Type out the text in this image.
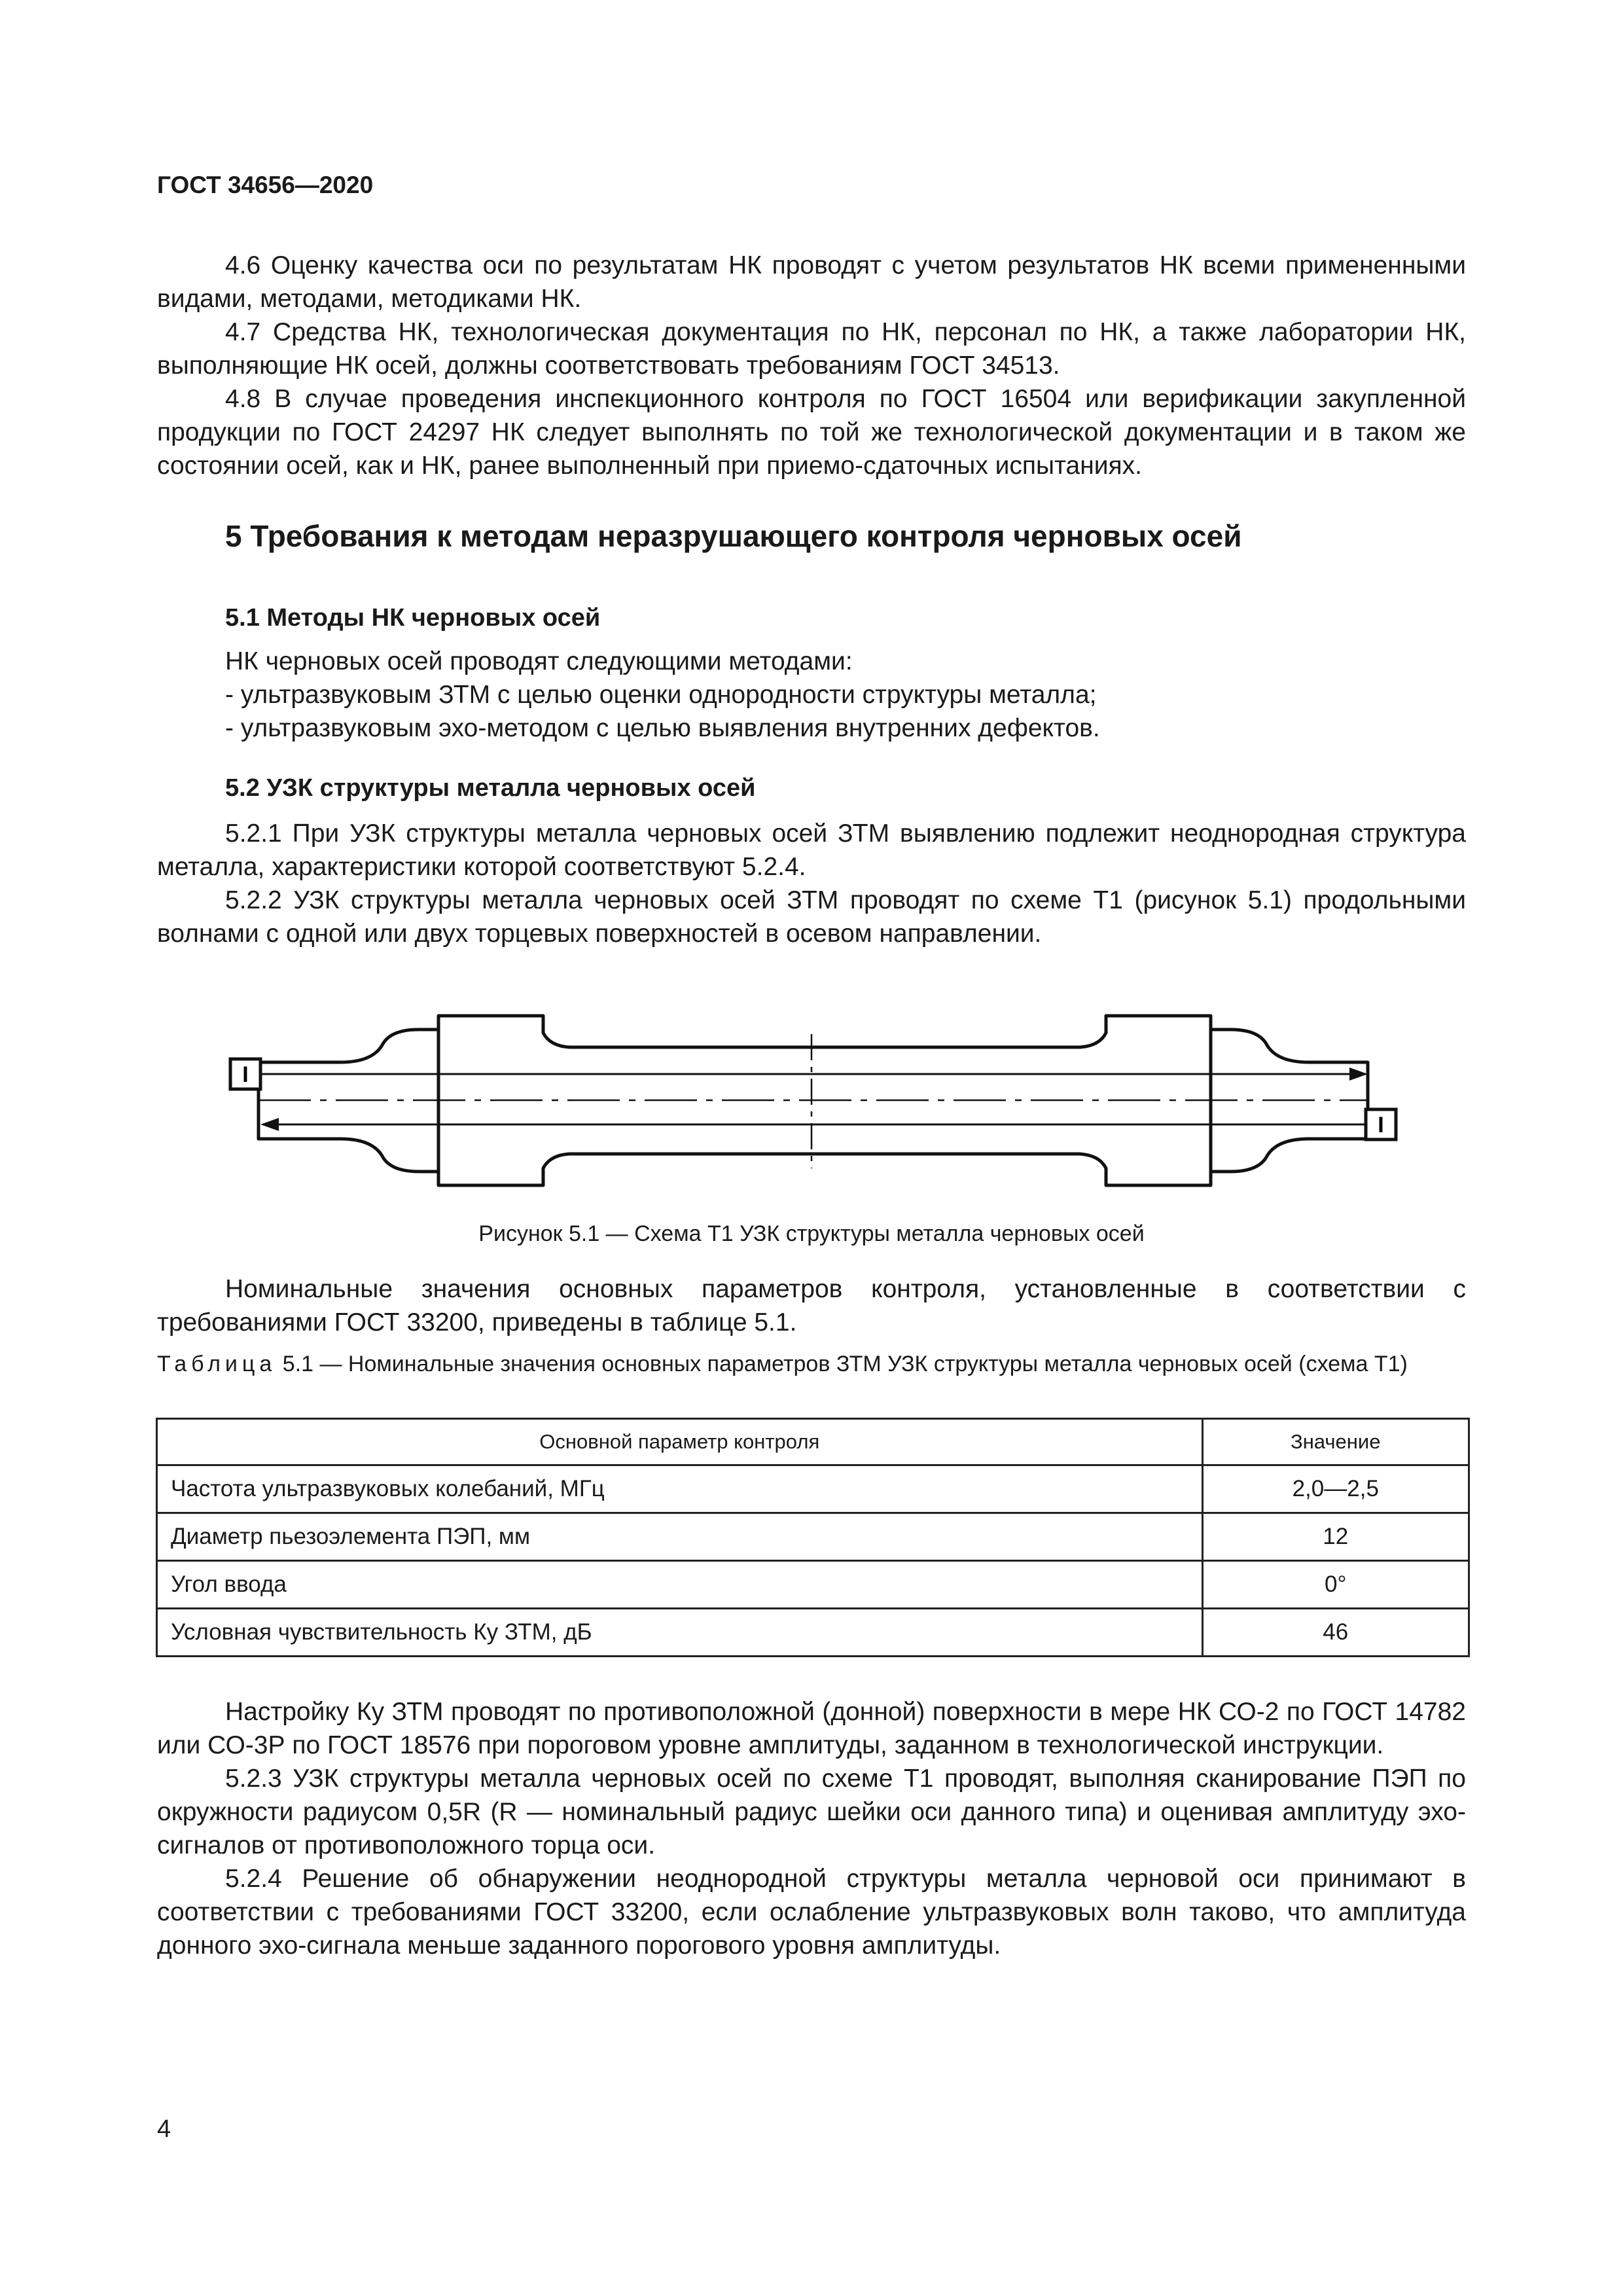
ГОСТ 34656—2020

4.6 Оценку качества оси по результатам НК проводят с учетом результатов НК всеми примененными видами, методами, методиками НК.

4.7 Средства НК, технологическая документация по НК, персонал по НК, а также лаборатории НК, выполняющие НК осей, должны соответствовать требованиям ГОСТ 34513.

4.8 В случае проведения инспекционного контроля по ГОСТ 16504 или верификации закупленной продукции по ГОСТ 24297 НК следует выполнять по той же технологической документации и в таком же состоянии осей, как и НК, ранее выполненный при приемо-сдаточных испытаниях.

5 Требования к методам неразрушающего контроля черновых осей
5.1 Методы НК черновых осей
НК черновых осей проводят следующими методами:
- ультразвуковым ЗТМ с целью оценки однородности структуры металла;
- ультразвуковым эхо-методом с целью выявления внутренних дефектов.
5.2 УЗК структуры металла черновых осей

5.2.1 При УЗК структуры металла черновых осей ЗТМ выявлению подлежит неоднородная структура металла, характеристики которой соответствуют 5.2.4.

5.2.2 УЗК структуры металла черновых осей ЗТМ проводят по схеме Т1 (рисунок 5.1) продольными волнами с одной или двух торцевых поверхностей в осевом направлении.

I
I
Рисунок 5.1 — Схема Т1 УЗК структуры металла черновых осей

Номинальные значения основных параметров контроля, установленные в соответствии с требованиями ГОСТ 33200, приведены в таблице 5.1.

Таблица 5.1 — Номинальные значения основных параметров ЗТМ УЗК структуры металла черновых осей (схема Т1)
Основной параметр контроля	Значение
Частота ультразвуковых колебаний, МГц	2,0—2,5
Диаметр пьезоэлемента ПЭП, мм	12
Угол ввода	0°
Условная чувствительность Ку ЗТМ, дБ	46

Настройку Ку ЗТМ проводят по противоположной (донной) поверхности в мере НК СО-2 по ГОСТ 14782 или СО-3Р по ГОСТ 18576 при пороговом уровне амплитуды, заданном в технологической инструкции.

5.2.3 УЗК структуры металла черновых осей по схеме Т1 проводят, выполняя сканирование ПЭП по окружности радиусом 0,5R (R — номинальный радиус шейки оси данного типа) и оценивая амплитуду эхо-сигналов от противоположного торца оси.

5.2.4 Решение об обнаружении неоднородной структуры металла черновой оси принимают в соответствии с требованиями ГОСТ 33200, если ослабление ультразвуковых волн таково, что амплитуда донного эхо-сигнала меньше заданного порогового уровня амплитуды.

4
